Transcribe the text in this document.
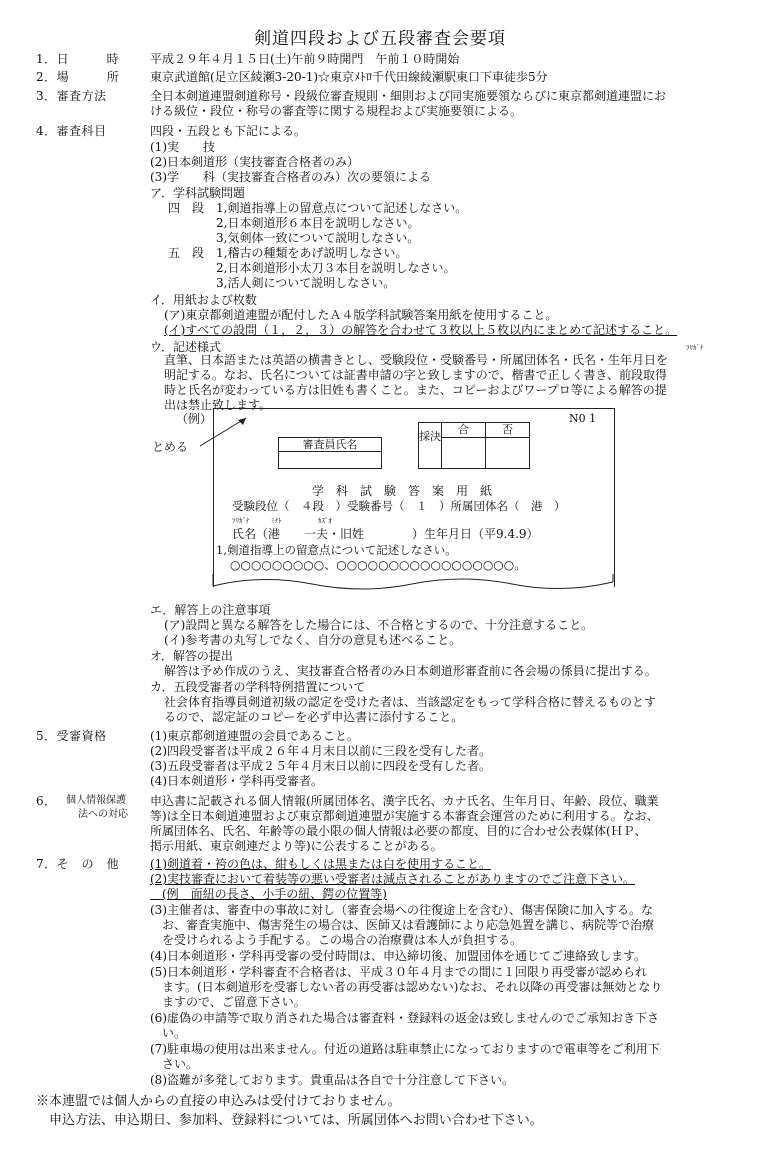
剣道四段および五段審査会要項
1．日　　　時	平成２９年４月１５日(土)午前９時開門　午前１０時開始
2．場　　　所	東京武道館(足立区綾瀬3-20-1)☆東京ﾒﾄﾛ千代田線綾瀬駅東口下車徒歩5分
3．審査方法	全日本剣道連盟剣道称号・段級位審査規則・細則および同実施要領ならびに東京都剣道連盟にお
ける級位・段位・称号の審査等に関する規程および実施要領による。
4．審査科目	四段・五段とも下記による。
(1)実　　技
(2)日本剣道形（実技審査合格者のみ）
(3)学　　科（実技審査合格者のみ）次の要領による
ア．学科試験問題
四　段 1,剣道指導上の留意点について記述しなさい。
2,日本剣道形６本目を説明しなさい。
3,気剣体一致について説明しなさい。
五　段 1,稽古の種類をあげ説明しなさい。
2,日本剣道形小太刀３本目を説明しなさい。
3,活人剣について説明しなさい。
イ．用紙および枚数
(ア)東京都剣道連盟が配付したＡ４版学科試験答案用紙を使用すること。
(イ)すべての設問（１，２，３）の解答を合わせて３枚以上５枚以内にまとめて記述すること。
ウ．記述様式	ﾌﾘｶﾞﾅ
直筆、日本語または英語の横書きとし、受験段位・受験番号・所属団体名・氏名・生年月日を
明記する。なお、氏名については証書申請の字と致しますので、楷書で正しく書き、前段取得
時と氏名が変わっている方は旧姓も書くこと。また、コピーおよびワープロ等による解答の提
出は禁止致します。
（例）
とめる
N0 1
審査員氏名
採決
合	否
学　科　試　験　答　案　用　紙
受験段位（　４段　）受験番号（　１　）所属団体名（　港　）
ﾌﾘｶﾞﾅ	ﾐﾅﾄ	ｶｽﾞｵ
氏名（港　　一夫・旧姓　　　　）生年月日（平9.4.9）
1,剣道指導上の留意点について記述しなさい。
○○○○○○○○○、○○○○○○○○○○○○○○○○○。
エ．解答上の注意事項
(ア)設問と異なる解答をした場合には、不合格とするので、十分注意すること。
(イ)参考書の丸写しでなく、自分の意見も述べること。
オ．解答の提出
解答は予め作成のうえ、実技審査合格者のみ日本剣道形審査前に各会場の係員に提出する。
カ．五段受審者の学科特例措置について
社会体育指導員剣道初級の認定を受けた者は、当該認定をもって学科合格に替えるものとす
るので、認定証のコピーを必ず申込書に添付すること。
5．受審資格	(1)東京都剣道連盟の会員であること。
(2)四段受審者は平成２６年４月末日以前に三段を受有した者。
(3)五段受審者は平成２５年４月末日以前に四段を受有した者。
(4)日本剣道形・学科再受審者。
6． 個人情報保護
法への対応
申込書に記載される個人情報(所属団体名、漢字氏名、カナ氏名、生年月日、年齢、段位、職業
等)は全日本剣道連盟および東京都剣道連盟が実施する本審査会運営のために利用する。なお、
所属団体名、氏名、年齢等の最小限の個人情報は必要の都度、目的に合わせ公表媒体(ＨＰ、
掲示用紙、東京剣連だより等)に公表することがある。
7．そ　の　他	(1)剣道着・袴の色は、紺もしくは黒または白を使用すること。
(2)実技審査において着装等の悪い受審者は減点されることがありますのでご注意下さい。
　(例　面紐の長さ、小手の紐、鍔の位置等)
(3)主催者は、審査中の事故に対し（審査会場への往復途上を含む）、傷害保険に加入する。な
　お、審査実施中、傷害発生の場合は、医師又は看護師により応急処置を講じ、病院等で治療
　を受けられるよう手配する。この場合の治療費は本人が負担する。
(4)日本剣道形・学科再受審の受付時間は、申込締切後、加盟団体を通じてご連絡致します。
(5)日本剣道形・学科審査不合格者は、平成３０年４月までの間に１回限り再受審が認められ
　ます。(日本剣道形を受審しない者の再受審は認めない)なお、それ以降の再受審は無効となり
　ますので、ご留意下さい。
(6)虚偽の申請等で取り消された場合は審査料・登録料の返金は致しませんのでご承知おき下さ
　い。
(7)駐車場の使用は出来ません。付近の道路は駐車禁止になっておりますので電車等をご利用下
　さい。
(8)盗難が多発しております。貴重品は各自で十分注意して下さい。
※本連盟では個人からの直接の申込みは受付けておりません。
　申込方法、申込期日、参加料、登録料については、所属団体へお問い合わせ下さい。
